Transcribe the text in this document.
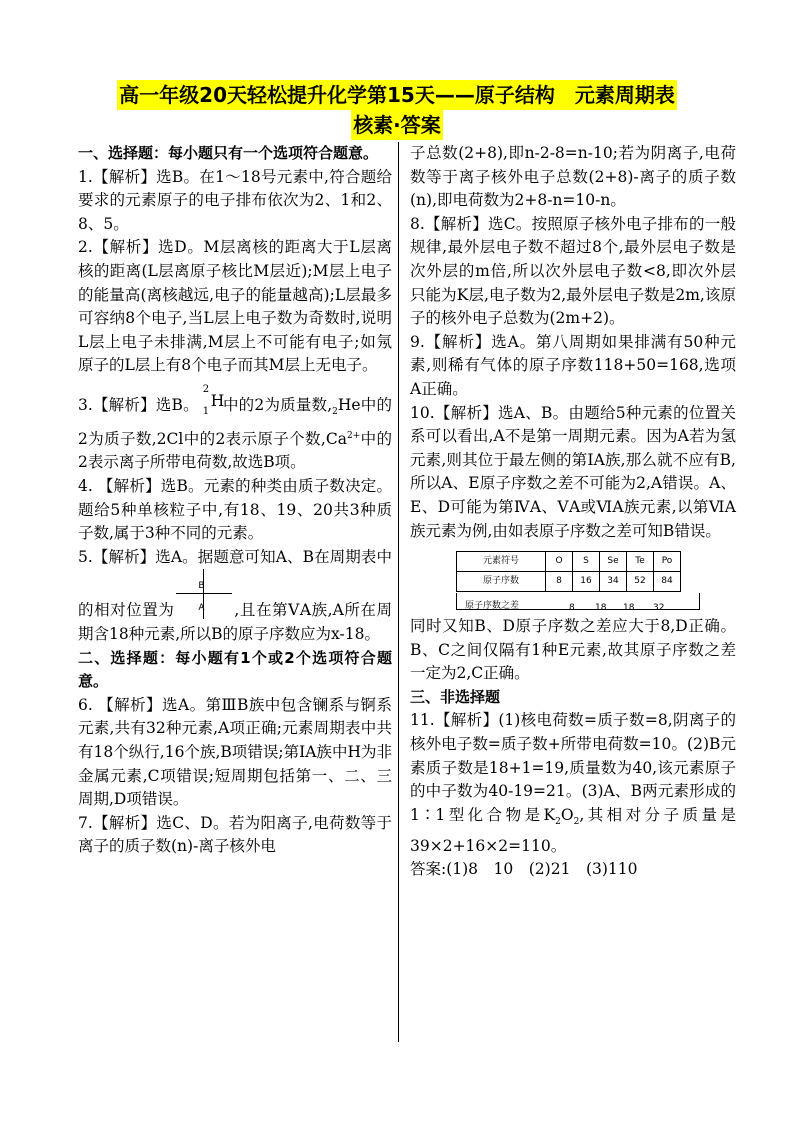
高一年级20天轻松提升化学第15天——原子结构　元素周期表
核素·答案

一、选择题：每小题只有一个选项符合题意。

1.【解析】选B。在1～18号元素中,符合题给要求的元素原子的电子排布依次为2、1和2、8、5。

2.【解析】选D。M层离核的距离大于L层离核的距离(L层离原子核比M层近);M层上电子的能量高(离核越远,电子的能量越高);L层最多可容纳8个电子,当L层上电子数为奇数时,说明L层上电子未排满,M层上不可能有电子;如氖原子的L层上有8个电子而其M层上无电子。

3.【解析】选B。
2
1
H
中的2为质量数$,_2He$中的2为质子数,2Cl中的2表示原子个数$,Ca^{2+}$中的2表示离子所带电荷数,故选B项。

4. 【解析】选B。元素的种类由质子数决定。题给5种单核粒子中,有18、19、20共3种质子数,属于3种不同的元素。

5.【解析】选A。据题意可知A、B在周期表中的相对位置为
B
A ,且在第ⅤA族,A所在周期含18种元素,所以B的原子序数应为x-18。

二、选择题：每小题有1个或2个选项符合题意。

6. 【解析】选A。第ⅢB族中包含镧系与锕系元素,共有32种元素,A项正确;元素周期表中共有18个纵行,16个族,B项错误;第ⅠA族中H为非金属元素,C项错误;短周期包括第一、二、三周期,D项错误。

7.【解析】选C、D。若为阳离子,电荷数等于离子的质子数(n)-离子核外电

子总数(2+8),即n-2-8=n-10;若为阴离子,电荷数等于离子核外电子总数(2+8)-离子的质子数(n),即电荷数为2+8-n=10-n。

8.【解析】选C。按照原子核外电子排布的一般规律,最外层电子数不超过8个,最外层电子数是次外层的m倍,所以次外层电子数<8,即次外层只能为K层,电子数为2,最外层电子数是2m,该原子的核外电子总数为(2m+2)。

9.【解析】选A。第八周期如果排满有50种元素,则稀有气体的原子序数118+50=168,选项A正确。

10.【解析】选A、B。由题给5种元素的位置关系可以看出,A不是第一周期元素。因为A若为氢元素,则其位于最左侧的第ⅠA族,那么就不应有B,所以A、E原子序数之差不可能为2,A错误。A、E、D可能为第ⅣA、ⅤA或ⅥA族元素,以第ⅥA族元素为例,由如表原子序数之差可知B错误。

元素符号	O	S	Se	Te	Po
原子序数	8	16	34	52	84
原子序数之差	8 18 18 32

同时又知B、D原子序数之差应大于8,D正确。B、C之间仅隔有1种E元素,故其原子序数之差一定为2,C正确。

三、非选择题

11.【解析】(1)核电荷数=质子数=8,阴离子的核外电子数=质子数+所带电荷数=10。(2)B元素质子数是18+1=19,质量数为40,该元素原子的中子数为40-19=21。(3)A、B两元素形成的1∶1型化合物是$K_2O_2$,其相对分子质量是39×2+16×2=110。

答案:(1)8　10　(2)21　(3)110
